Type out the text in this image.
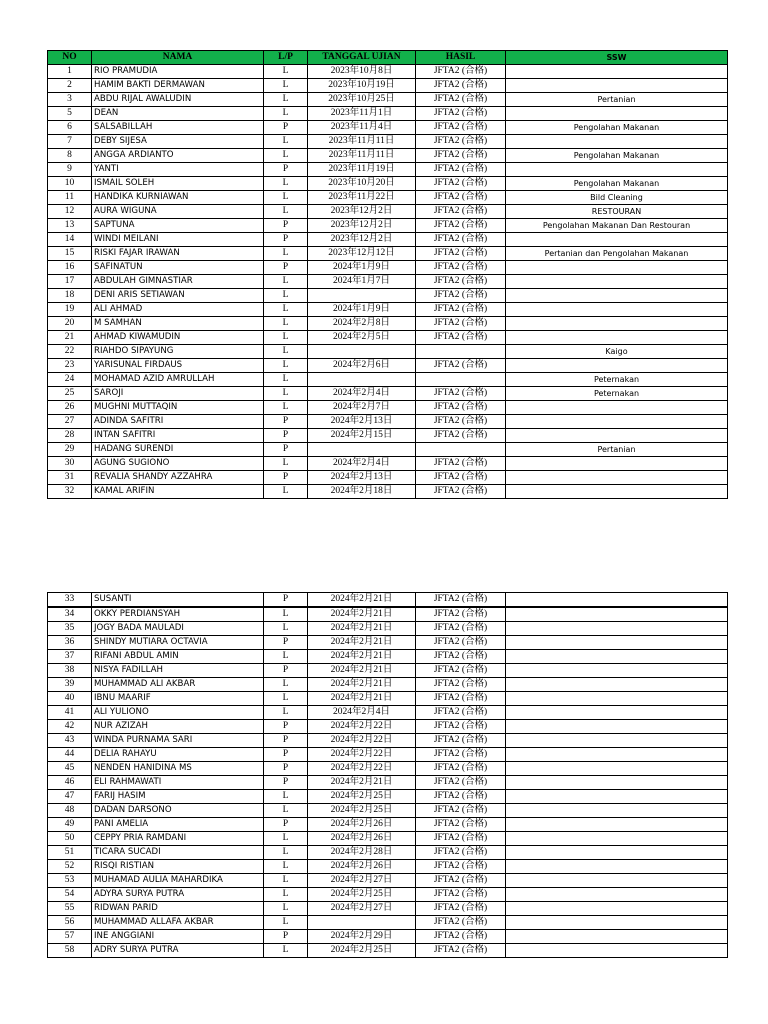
NO	NAMA	L/P	TANGGAL UJIAN	HASIL	SSW
1	RIO PRAMUDIA	L	2023年10月8日	JFTA2 (合格)	
2	HAMIM BAKTI DERMAWAN	L	2023年10月19日	JFTA2 (合格)	
3	ABDU RIJAL AWALUDIN	L	2023年10月25日	JFTA2 (合格)	Pertanian
5	DEAN	L	2023年11月1日	JFTA2 (合格)	
6	SALSABILLAH	P	2023年11月4日	JFTA2 (合格)	Pengolahan Makanan
7	DEBY SIJESA	L	2023年11月11日	JFTA2 (合格)	
8	ANGGA ARDIANTO	L	2023年11月11日	JFTA2 (合格)	Pengolahan Makanan
9	YANTI	P	2023年11月19日	JFTA2 (合格)	
10	ISMAIL SOLEH	L	2023年10月20日	JFTA2 (合格)	Pengolahan Makanan
11	HANDIKA KURNIAWAN	L	2023年11月22日	JFTA2 (合格)	Bild Cleaning
12	AURA WIGUNA	L	2023年12月2日	JFTA2 (合格)	RESTOURAN
13	SAPTUNA	P	2023年12月2日	JFTA2 (合格)	Pengolahan Makanan Dan Restouran
14	WINDI MEILANI	P	2023年12月2日	JFTA2 (合格)	
15	RISKI FAJAR IRAWAN	L	2023年12月12日	JFTA2 (合格)	Pertanian dan Pengolahan Makanan
16	SAFINATUN	P	2024年1月9日	JFTA2 (合格)	
17	ABDULAH GIMNASTIAR	L	2024年1月7日	JFTA2 (合格)	
18	DENI ARIS SETIAWAN	L		JFTA2 (合格)	
19	ALI AHMAD	L	2024年1月9日	JFTA2 (合格)	
20	M SAMHAN	L	2024年2月8日	JFTA2 (合格)	
21	AHMAD KIWAMUDIN	L	2024年2月5日	JFTA2 (合格)	
22	RIAHDO SIPAYUNG	L			Kaigo
23	YARISUNAL FIRDAUS	L	2024年2月6日	JFTA2 (合格)	
24	MOHAMAD AZID AMRULLAH	L			Peternakan
25	SAROJI	L	2024年2月4日	JFTA2 (合格)	Peternakan
26	MUGHNI MUTTAQIN	L	2024年2月7日	JFTA2 (合格)	
27	ADINDA SAFITRI	P	2024年2月13日	JFTA2 (合格)	
28	INTAN SAFITRI	P	2024年2月15日	JFTA2 (合格)	
29	HADANG SURENDI	P			Pertanian
30	AGUNG SUGIONO	L	2024年2月4日	JFTA2 (合格)	
31	REVALIA SHANDY AZZAHRA	P	2024年2月13日	JFTA2 (合格)	
32	KAMAL ARIFIN	L	2024年2月18日	JFTA2 (合格)	
33	SUSANTI	P	2024年2月21日	JFTA2 (合格)	
34	OKKY PERDIANSYAH	L	2024年2月21日	JFTA2 (合格)	
35	JOGY BADA MAULADI	L	2024年2月21日	JFTA2 (合格)	
36	SHINDY MUTIARA OCTAVIA	P	2024年2月21日	JFTA2 (合格)	
37	RIFANI ABDUL AMIN	L	2024年2月21日	JFTA2 (合格)	
38	NISYA FADILLAH	P	2024年2月21日	JFTA2 (合格)	
39	MUHAMMAD ALI AKBAR	L	2024年2月21日	JFTA2 (合格)	
40	IBNU MAARIF	L	2024年2月21日	JFTA2 (合格)	
41	ALI YULIONO	L	2024年2月4日	JFTA2 (合格)	
42	NUR AZIZAH	P	2024年2月22日	JFTA2 (合格)	
43	WINDA PURNAMA SARI	P	2024年2月22日	JFTA2 (合格)	
44	DELIA RAHAYU	P	2024年2月22日	JFTA2 (合格)	
45	NENDEN HANIDINA MS	P	2024年2月22日	JFTA2 (合格)	
46	ELI RAHMAWATI	P	2024年2月21日	JFTA2 (合格)	
47	FARIJ HASIM	L	2024年2月25日	JFTA2 (合格)	
48	DADAN DARSONO	L	2024年2月25日	JFTA2 (合格)	
49	PANI AMELIA	P	2024年2月26日	JFTA2 (合格)	
50	CEPPY PRIA RAMDANI	L	2024年2月26日	JFTA2 (合格)	
51	TICARA SUCADI	L	2024年2月28日	JFTA2 (合格)	
52	RISQI RISTIAN	L	2024年2月26日	JFTA2 (合格)	
53	MUHAMAD AULIA MAHARDIKA	L	2024年2月27日	JFTA2 (合格)	
54	ADYRA SURYA PUTRA	L	2024年2月25日	JFTA2 (合格)	
55	RIDWAN PARID	L	2024年2月27日	JFTA2 (合格)	
56	MUHAMMAD ALLAFA AKBAR	L		JFTA2 (合格)	
57	INE ANGGIANI	P	2024年2月29日	JFTA2 (合格)	
58	ADRY SURYA PUTRA	L	2024年2月25日	JFTA2 (合格)	
